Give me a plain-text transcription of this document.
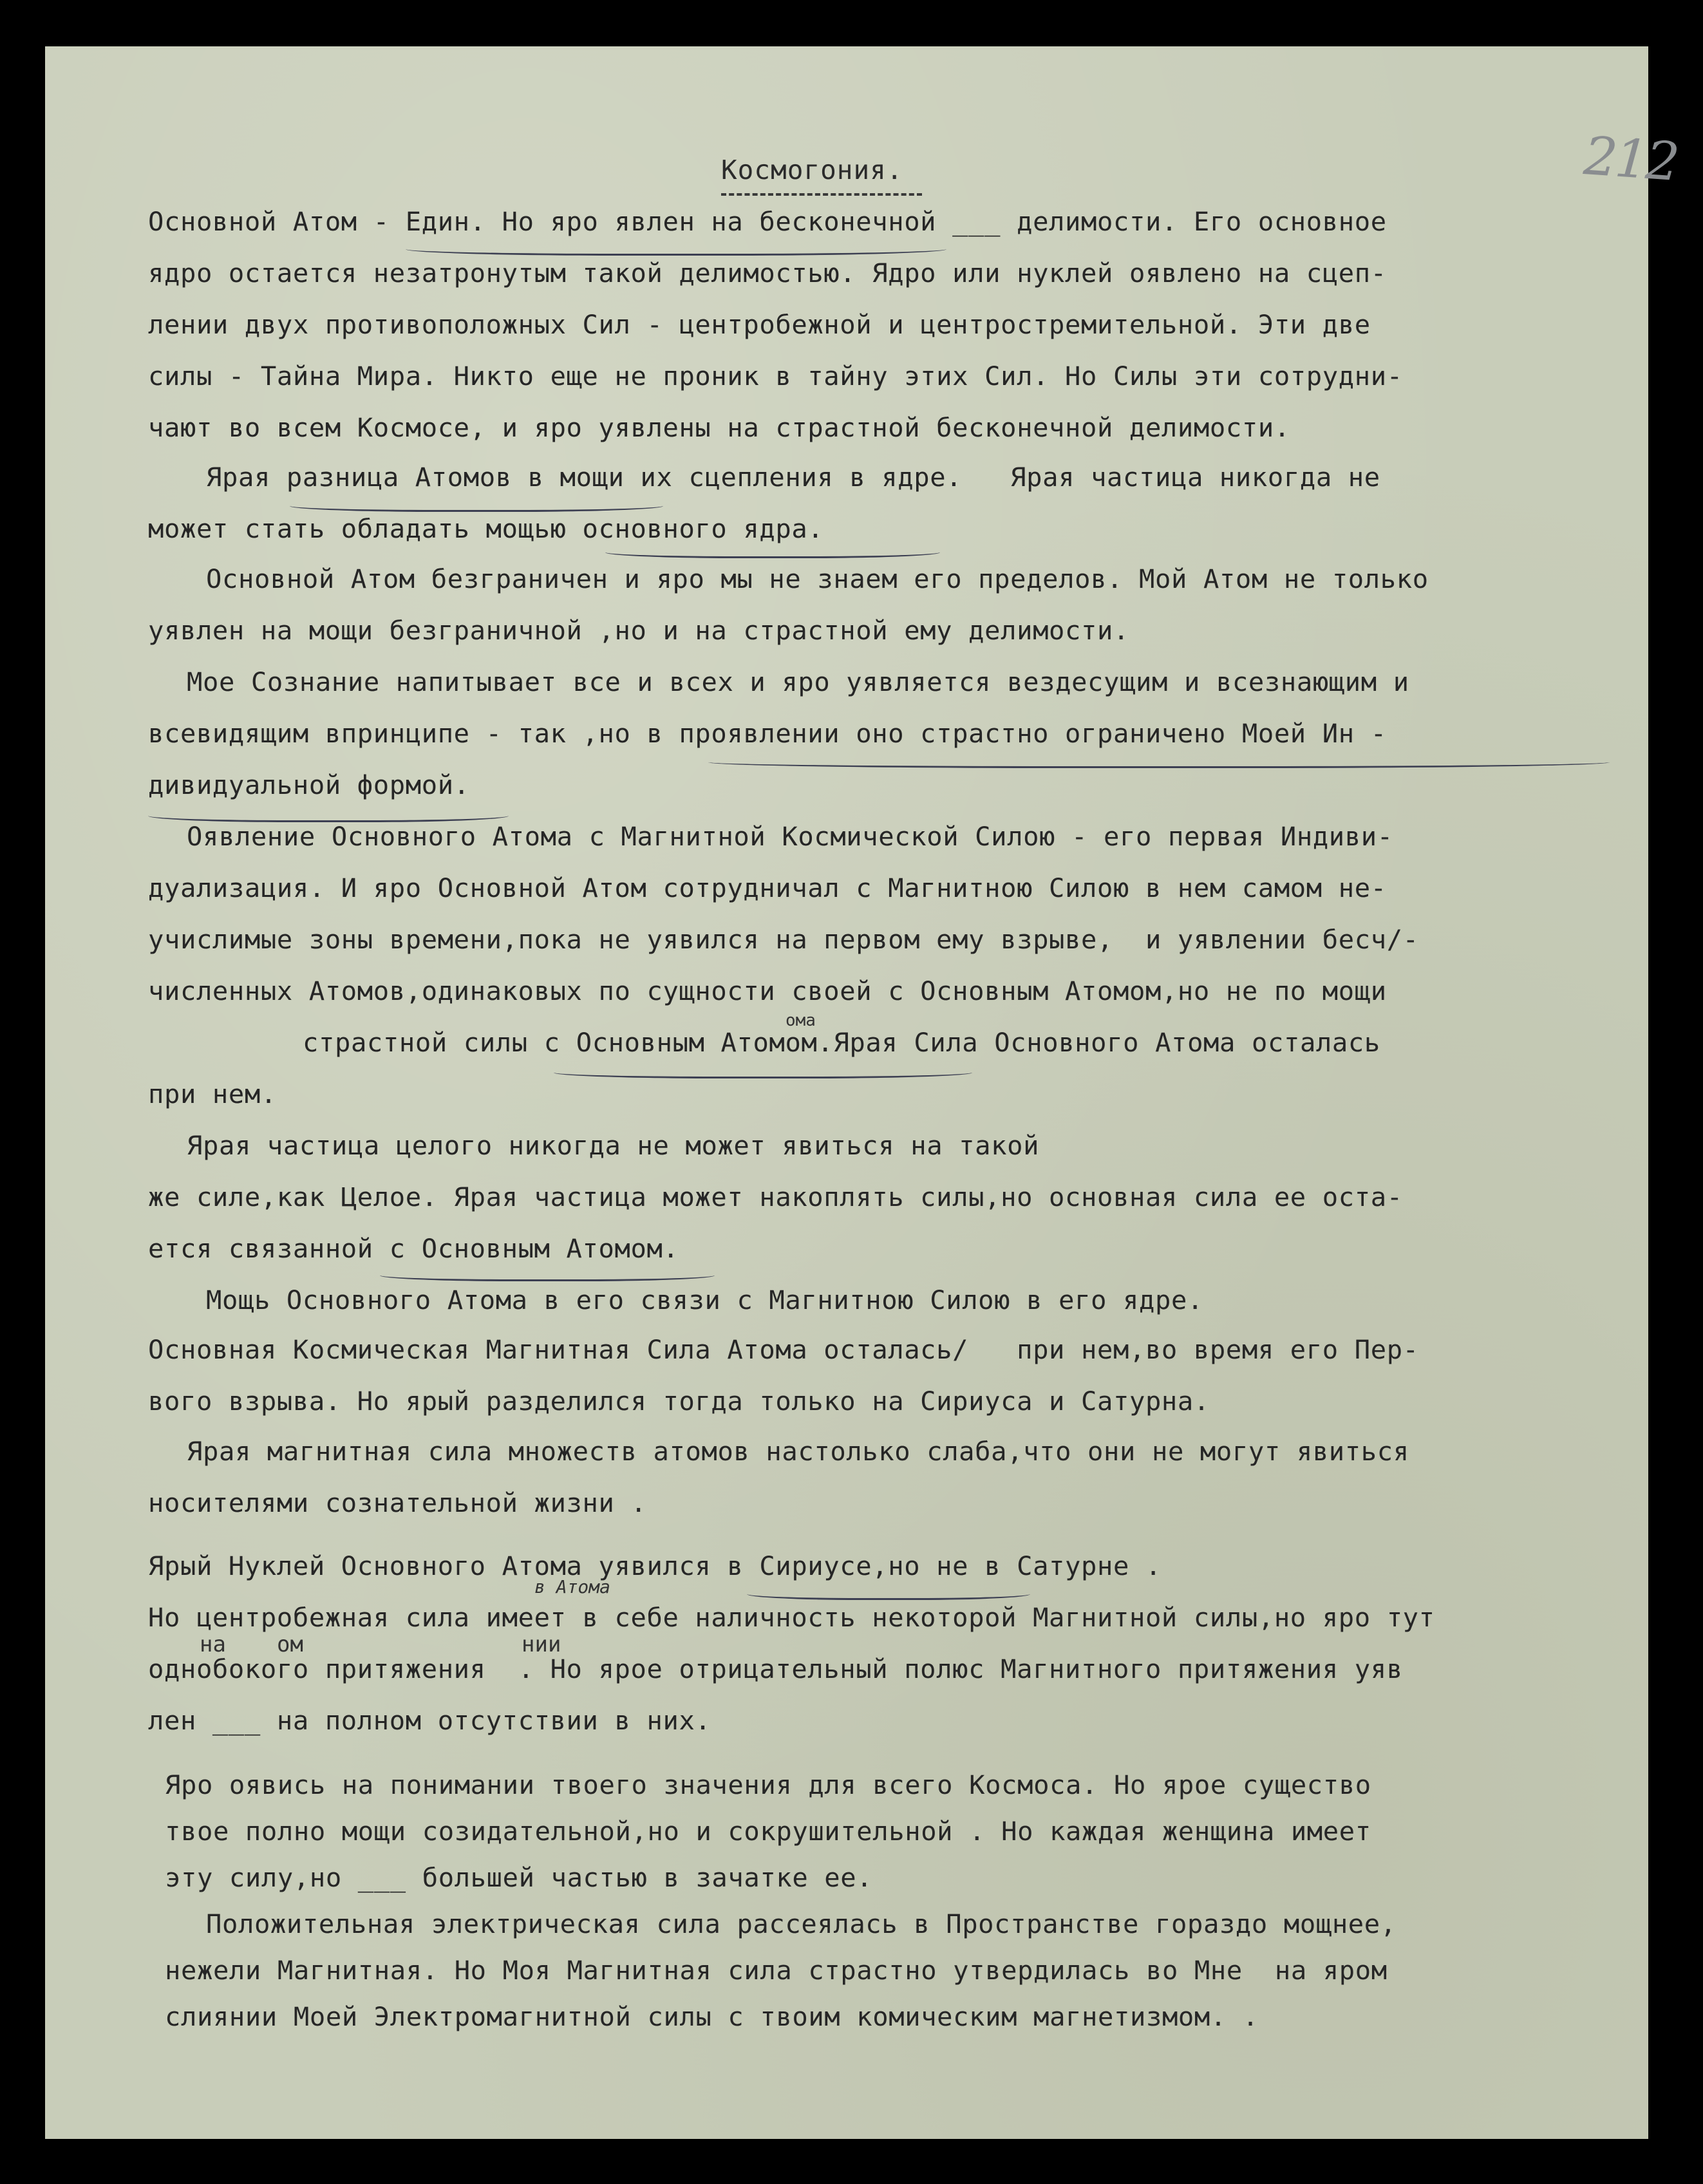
212
Космогония.
Основной Атом - Един. Но яро явлен на бесконечной ___ делимости. Его основное
ядро остается незатронутым такой делимостью. Ядро или нуклей оявлено на сцеп-
лении двух противоположных Сил - центробежной и центростремительной. Эти две
силы - Тайна Мира. Никто еще не проник в тайну этих Сил. Но Силы эти сотрудни-
чают во всем Космосе, и яро уявлены на страстной бесконечной делимости.
Ярая разница Атомов в мощи их сцепления в ядре.   Ярая частица никогда не
может стать обладать мощью основного ядра.
Основной Атом безграничен и яро мы не знаем его пределов. Мой Атом не только
уявлен на мощи безграничной ,но и на страстной ему делимости.
Мое Сознание напитывает все и всех и яро уявляется вездесущим и всезнающим и
всевидящим впринципе - так ,но в проявлении оно страстно ограничено Моей Ин -
дивидуальной формой.
Оявление Основного Атома с Магнитной Космической Силою - его первая Индиви-
дуализация. И яро Основной Атом сотрудничал с Магнитною Силою в нем самом не-
учислимые зоны времени,пока не уявился на первом ему взрыве,  и уявлении бесч/-
численных Атомов,одинаковых по сущности своей с Основным Атомом,но не по мощи
страстной силы с Основным Атомом.Ярая Сила Основного Атома осталась
при нем.
Ярая частица целого никогда не может явиться на такой
же силе,как Целое. Ярая частица может накоплять силы,но основная сила ее оста-
ется связанной с Основным Атомом.
Мощь Основного Атома в его связи с Магнитною Силою в его ядре.
Основная Космическая Магнитная Сила Атома осталась/   при нем,во время его Пер-
вого взрыва. Но ярый разделился тогда только на Сириуса и Сатурна.
Ярая магнитная сила множеств атомов настолько слаба,что они не могут явиться
носителями сознательной жизни .
Ярый Нуклей Основного Атома уявился в Сириусе,но не в Сатурне .
Но центробежная сила имеет в себе наличность некоторой Магнитной силы,но яро тут
однобокого притяжения  . Но ярое отрицательный полюс Магнитного притяжения уяв
лен ___ на полном отсутствии в них.
Яро оявись на понимании твоего значения для всего Космоса. Но ярое существо
твое полно мощи созидательной,но и сокрушительной . Но каждая женщина имеет
эту силу,но ___ большей частью в зачатке ее.
Положительная электрическая сила рассеялась в Пространстве гораздо мощнее,
нежели Магнитная. Но Моя Магнитная сила страстно утвердилась во Мне  на яром
слиянии Моей Электромагнитной силы с твоим комическим магнетизмом. .
в Атома
на ом	нии
ома
